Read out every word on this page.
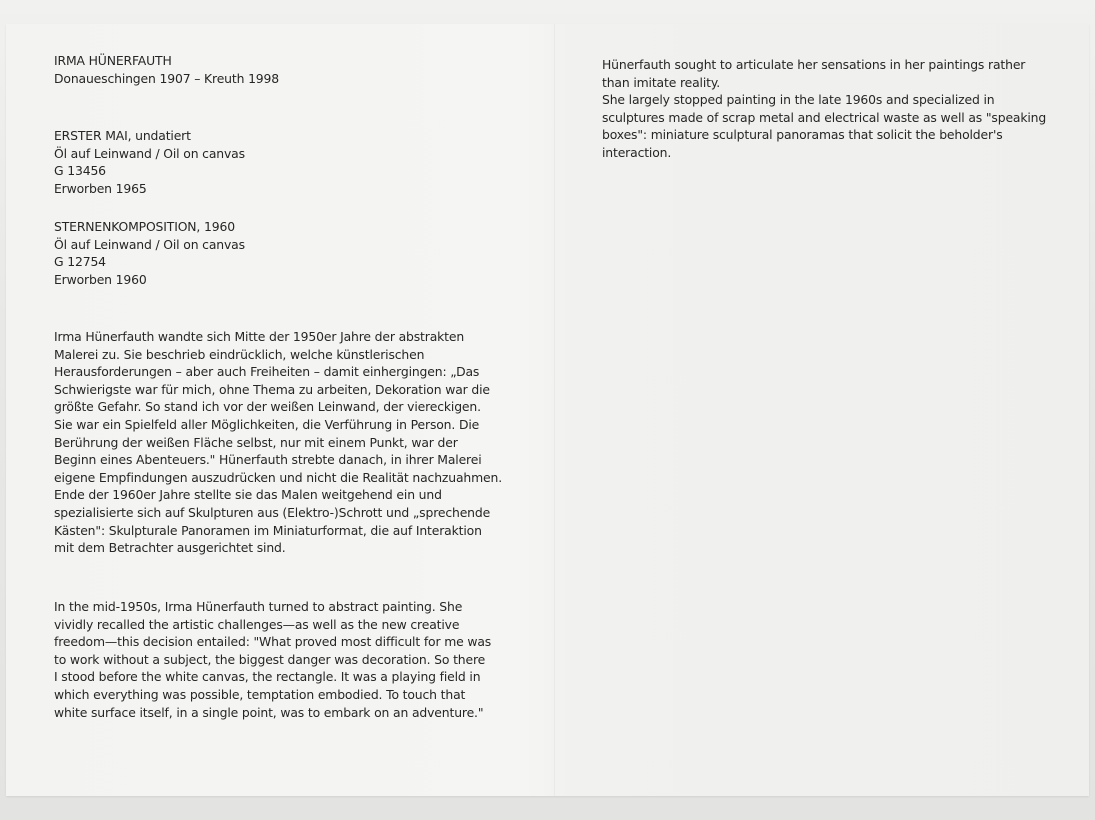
IRMA HÜNERFAUTH
Donaueschingen 1907 – Kreuth 1998
ERSTER MAI, undatiert
Öl auf Leinwand / Oil on canvas
G 13456
Erworben 1965
STERNENKOMPOSITION, 1960
Öl auf Leinwand / Oil on canvas
G 12754
Erworben 1960
Irma Hünerfauth wandte sich Mitte der 1950er Jahre der abstrakten
Malerei zu. Sie beschrieb eindrücklich, welche künstlerischen
Herausforderungen – aber auch Freiheiten – damit einhergingen: „Das
Schwierigste war für mich, ohne Thema zu arbeiten, Dekoration war die
größte Gefahr. So stand ich vor der weißen Leinwand, der viereckigen.
Sie war ein Spielfeld aller Möglichkeiten, die Verführung in Person. Die
Berührung der weißen Fläche selbst, nur mit einem Punkt, war der
Beginn eines Abenteuers." Hünerfauth strebte danach, in ihrer Malerei
eigene Empfindungen auszudrücken und nicht die Realität nachzuahmen.
Ende der 1960er Jahre stellte sie das Malen weitgehend ein und
spezialisierte sich auf Skulpturen aus (Elektro-)Schrott und „sprechende
Kästen": Skulpturale Panoramen im Miniaturformat, die auf Interaktion
mit dem Betrachter ausgerichtet sind.
In the mid-1950s, Irma Hünerfauth turned to abstract painting. She
vividly recalled the artistic challenges—as well as the new creative
freedom—this decision entailed: "What proved most difficult for me was
to work without a subject, the biggest danger was decoration. So there
I stood before the white canvas, the rectangle. It was a playing field in
which everything was possible, temptation embodied. To touch that
white surface itself, in a single point, was to embark on an adventure."
Hünerfauth sought to articulate her sensations in her paintings rather
than imitate reality.
She largely stopped painting in the late 1960s and specialized in
sculptures made of scrap metal and electrical waste as well as "speaking
boxes": miniature sculptural panoramas that solicit the beholder's
interaction.
